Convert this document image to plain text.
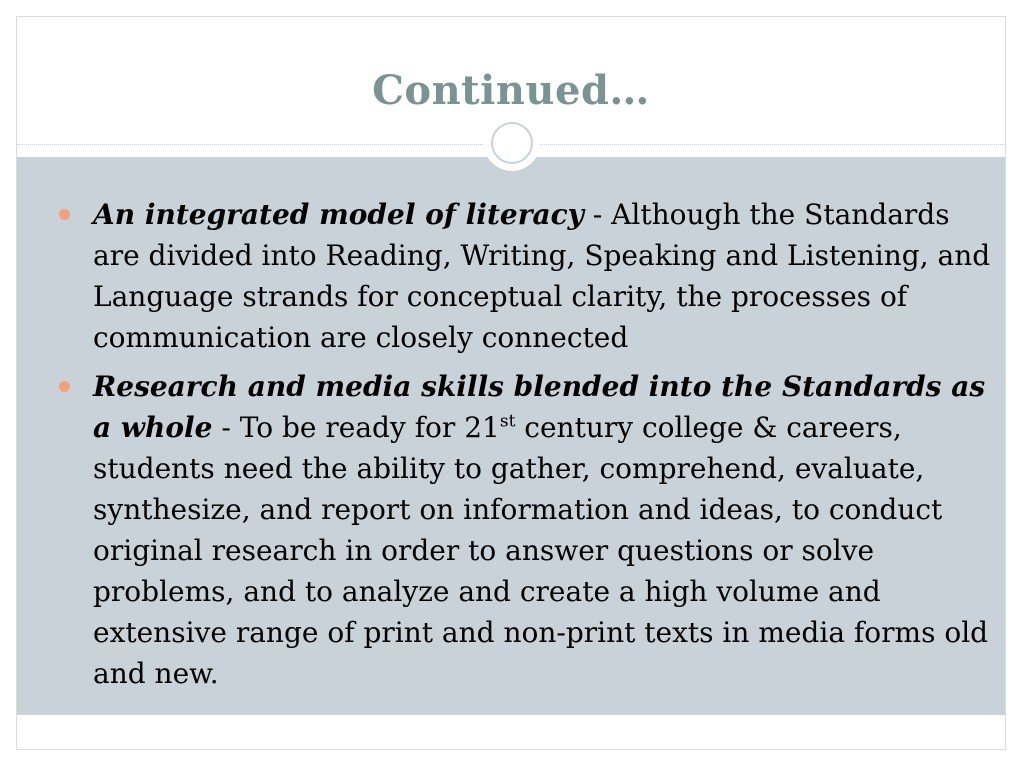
Continued…
An integrated model of literacy - Although the Standards are divided into Reading, Writing, Speaking and Listening, and Language strands for conceptual clarity, the processes of communication are closely connected
Research and media skills blended into the Standards as a whole - To be ready for 21st century college & careers, students need the ability to gather, comprehend, evaluate, synthesize, and report on information and ideas, to conduct original research in order to answer questions or solve problems, and to analyze and create a high volume and extensive range of print and non-print texts in media forms old and new.
